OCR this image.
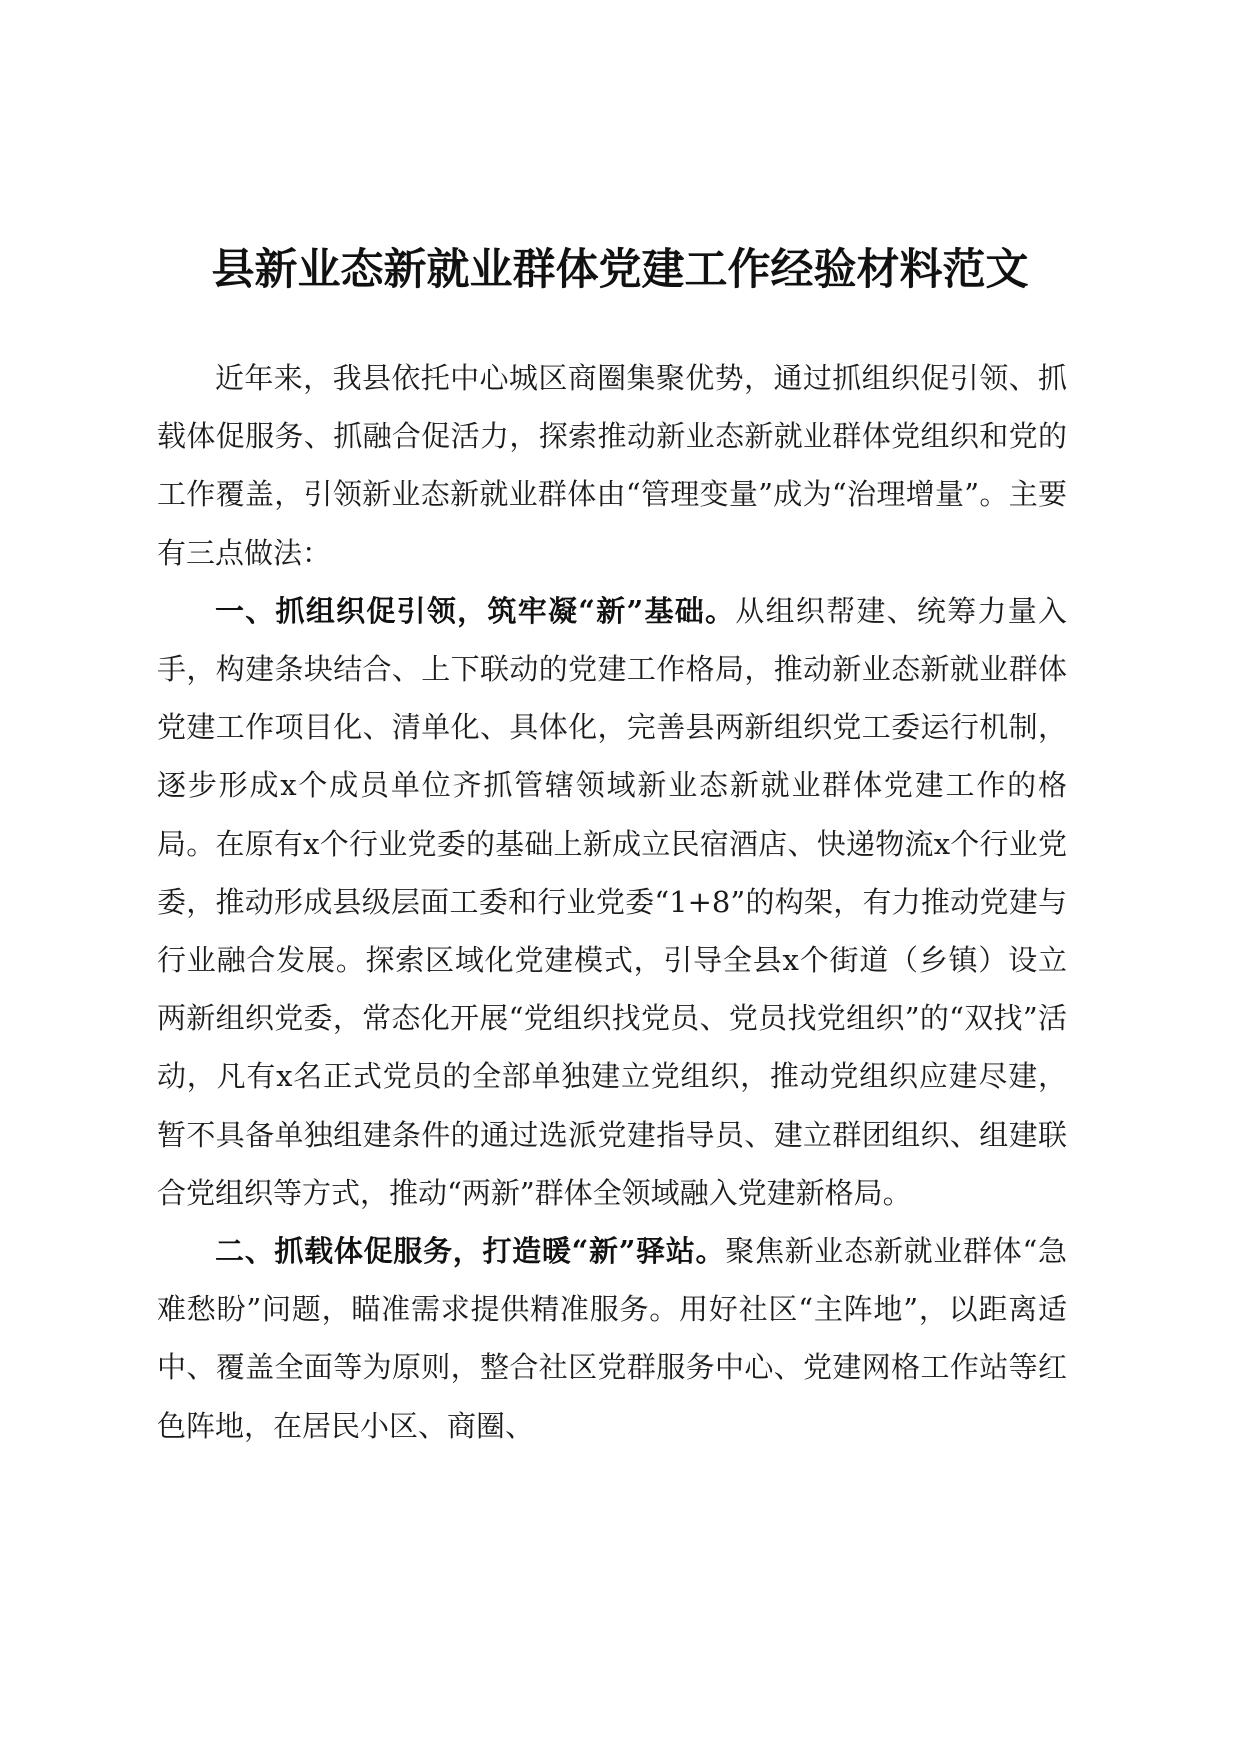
县新业态新就业群体党建工作经验材料范文

近年来，我县依托中心城区商圈集聚优势，通过抓组织促引领、抓载体促服务、抓融合促活力，探索推动新业态新就业群体党组织和党的工作覆盖，引领新业态新就业群体由“管理变量”成为“治理增量”。主要有三点做法：

一、抓组织促引领，筑牢凝“新”基础。从组织帮建、统筹力量入手，构建条块结合、上下联动的党建工作格局，推动新业态新就业群体党建工作项目化、清单化、具体化，完善县两新组织党工委运行机制，逐步形成x个成员单位齐抓管辖领域新业态新就业群体党建工作的格局。在原有x个行业党委的基础上新成立民宿酒店、快递物流x个行业党委，推动形成县级层面工委和行业党委“1+8”的构架，有力推动党建与行业融合发展。探索区域化党建模式，引导全县x个街道（乡镇）设立两新组织党委，常态化开展“党组织找党员、党员找党组织”的“双找”活动，凡有x名正式党员的全部单独建立党组织，推动党组织应建尽建，暂不具备单独组建条件的通过选派党建指导员、建立群团组织、组建联合党组织等方式，推动“两新”群体全领域融入党建新格局。

二、抓载体促服务，打造暖“新”驿站。聚焦新业态新就业群体“急难愁盼”问题，瞄准需求提供精准服务。用好社区“主阵地”，以距离适中、覆盖全面等为原则，整合社区党群服务中心、党建网格工作站等红色阵地，在居民小区、商圈、
